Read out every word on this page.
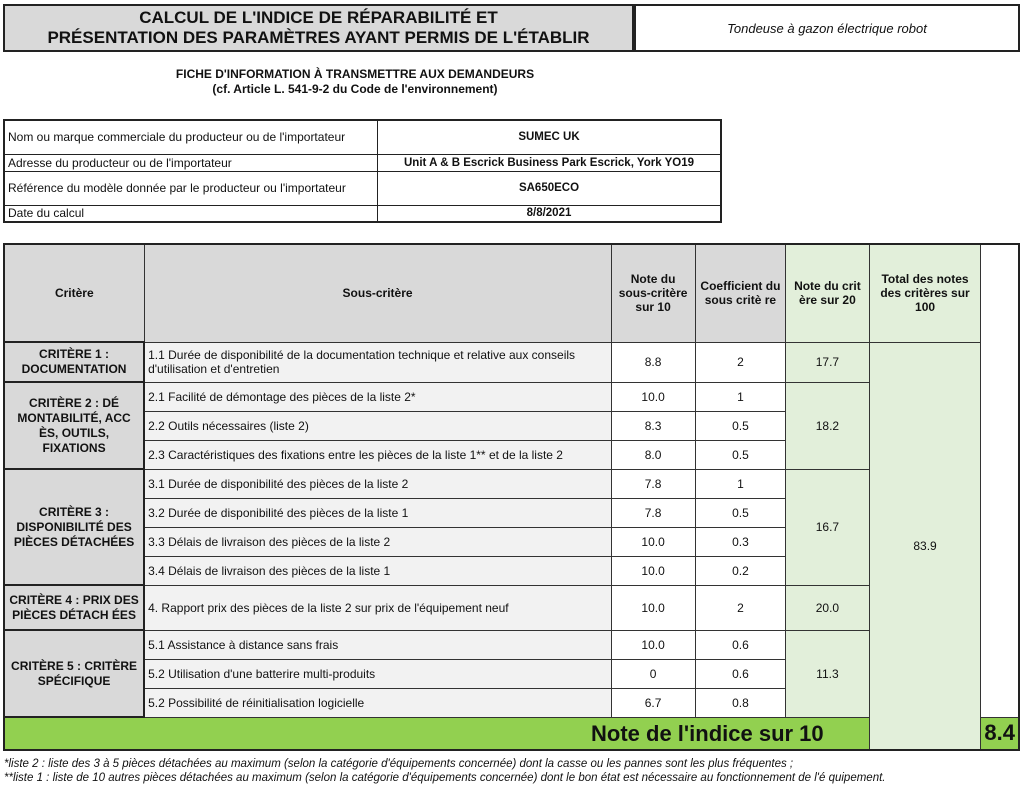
CALCUL DE L'INDICE DE RÉPARABILITÉ ET
PRÉSENTATION DES PARAMÈTRES AYANT PERMIS DE L'ÉTABLIR	Tondeuse à gazon électrique robot
FICHE D'INFORMATION À TRANSMETTRE AUX DEMANDEURS
(cf. Article L. 541-9-2 du Code de l'environnement)
Nom ou marque commerciale du producteur ou de l'importateur	SUMEC UK
Adresse du producteur ou de l'importateur	Unit A & B Escrick Business Park Escrick, York YO19
Référence du modèle donnée par le producteur ou l'importateur	SA650ECO
Date du calcul	8/8/2021
Critère	Sous-critère	Note du sous-critère sur 10	Coefficient du sous critè re	Note du crit ère sur 20	Total des notes des critères sur 100	
CRITÈRE 1 : DOCUMENTATION	1.1 Durée de disponibilité de la documentation technique et relative aux conseils d'utilisation et d'entretien	8.8	2	17.7	83.9	
CRITÈRE 2 : DÉ MONTABILITÉ, ACC ÈS, OUTILS, FIXATIONS	2.1 Facilité de démontage des pièces de la liste 2*	10.0	1	18.2		
	2.2 Outils nécessaires (liste 2)	8.3	0.5			
	2.3 Caractéristiques des fixations entre les pièces de la liste 1** et de la liste 2	8.0	0.5			
CRITÈRE 3 : DISPONIBILITÉ DES PIÈCES DÉTACHÉES	3.1 Durée de disponibilité des pièces de la liste 2	7.8	1	16.7		
	3.2 Durée de disponibilité des pièces de la liste 1	7.8	0.5			
	3.3 Délais de livraison des pièces de la liste 2	10.0	0.3			
	3.4 Délais de livraison des pièces de la liste 1	10.0	0.2			
CRITÈRE 4 : PRIX DES PIÈCES DÉTACH ÉES	4. Rapport prix des pièces de la liste 2 sur prix de l'équipement neuf	10.0	2	20.0		
CRITÈRE 5 : CRITÈRE SPÉCIFIQUE	5.1 Assistance à distance sans frais	10.0	0.6	11.3		
	5.2 Utilisation d'une batterire multi-produits	0	0.6			
	5.2 Possibilité de réinitialisation logicielle	6.7	0.8			
Note de l'indice sur 10						8.4
*liste 2 : liste des 3 à 5 pièces détachées au maximum (selon la catégorie d'équipements concernée) dont la casse ou les pannes sont les plus fréquentes ;
**liste 1 : liste de 10 autres pièces détachées au maximum (selon la catégorie d'équipements concernée) dont le bon état est nécessaire au fonctionnement de l'é quipement.
